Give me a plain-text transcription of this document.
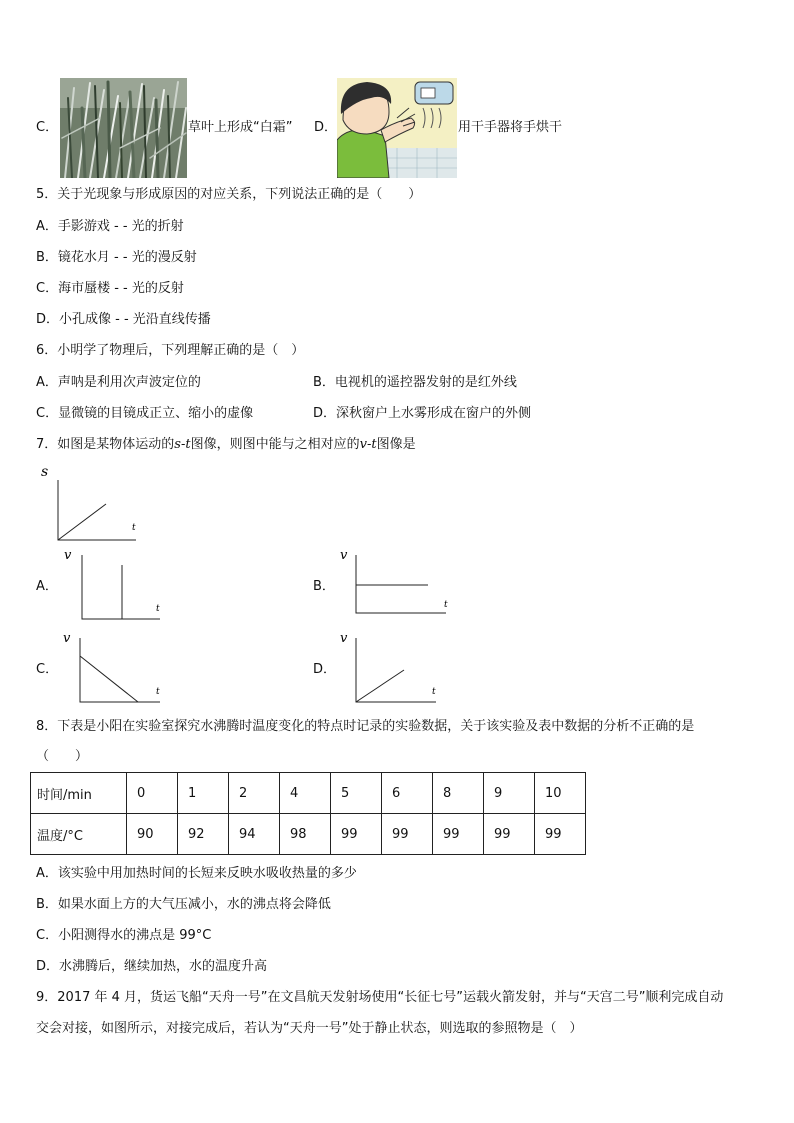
C．	草叶上形成“白霜” D．	用干手器将手烘干
5．关于光现象与形成原因的对应关系，下列说法正确的是（　　）
A．手影游戏 - - 光的折射
B．镜花水月 - - 光的漫反射
C．海市蜃楼 - - 光的反射
D．小孔成像 - - 光沿直线传播
6．小明学了物理后，下列理解正确的是（　）
A．声呐是利用次声波定位的	B．电视机的遥控器发射的是红外线
C．显微镜的目镜成正立、缩小的虚像	D．深秋窗户上水雾形成在窗户的外侧
7．如图是某物体运动的s-t图像，则图中能与之相对应的v-t图像是
s
t
A．
v
t
B．
v
t
C．
v
t
D．
v
t
8．下表是小阳在实验室探究水沸腾时温度变化的特点时记录的实验数据，关于该实验及表中数据的分析不正确的是
（　　）
时间/min	0	1	2	4	5	6	8	9	10
温度/°C	90	92	94	98	99	99	99	99	99
A．该实验中用加热时间的长短来反映水吸收热量的多少
B．如果水面上方的大气压减小，水的沸点将会降低
C．小阳测得水的沸点是 99°C
D．水沸腾后，继续加热，水的温度升高
9．2017 年 4 月，货运飞船“天舟一号”在文昌航天发射场使用“长征七号”运载火箭发射，并与“天宫二号”顺利完成自动
交会对接，如图所示，对接完成后，若认为“天舟一号”处于静止状态，则选取的参照物是（　）
